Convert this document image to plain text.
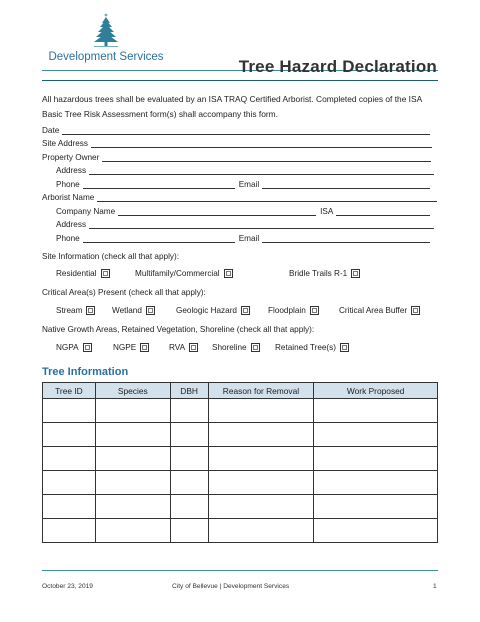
Development Services	Tree Hazard Declaration
All hazardous trees shall be evaluated by an ISA TRAQ Certified Arborist. Completed copies of the ISA Basic Tree Risk Assessment form(s) shall accompany this form.
Date
Site Address
Property Owner
Address
Phone	Email
Arborist Name
Company Name	ISA
Address
Phone	Email
Site Information (check all that apply):
Residential	Multifamily/Commercial	Bridle Trails R-1
Critical Area(s) Present (check all that apply):
Stream	Wetland	Geologic Hazard	Floodplain	Critical Area Buffer
Native Growth Areas, Retained Vegetation, Shoreline (check all that apply):
NGPA	NGPE	RVA	Shoreline	Retained Tree(s)
Tree Information
Tree ID	Species	DBH	Reason for Removal	Work Proposed

October 23, 2019	City of Bellevue | Development Services	1
